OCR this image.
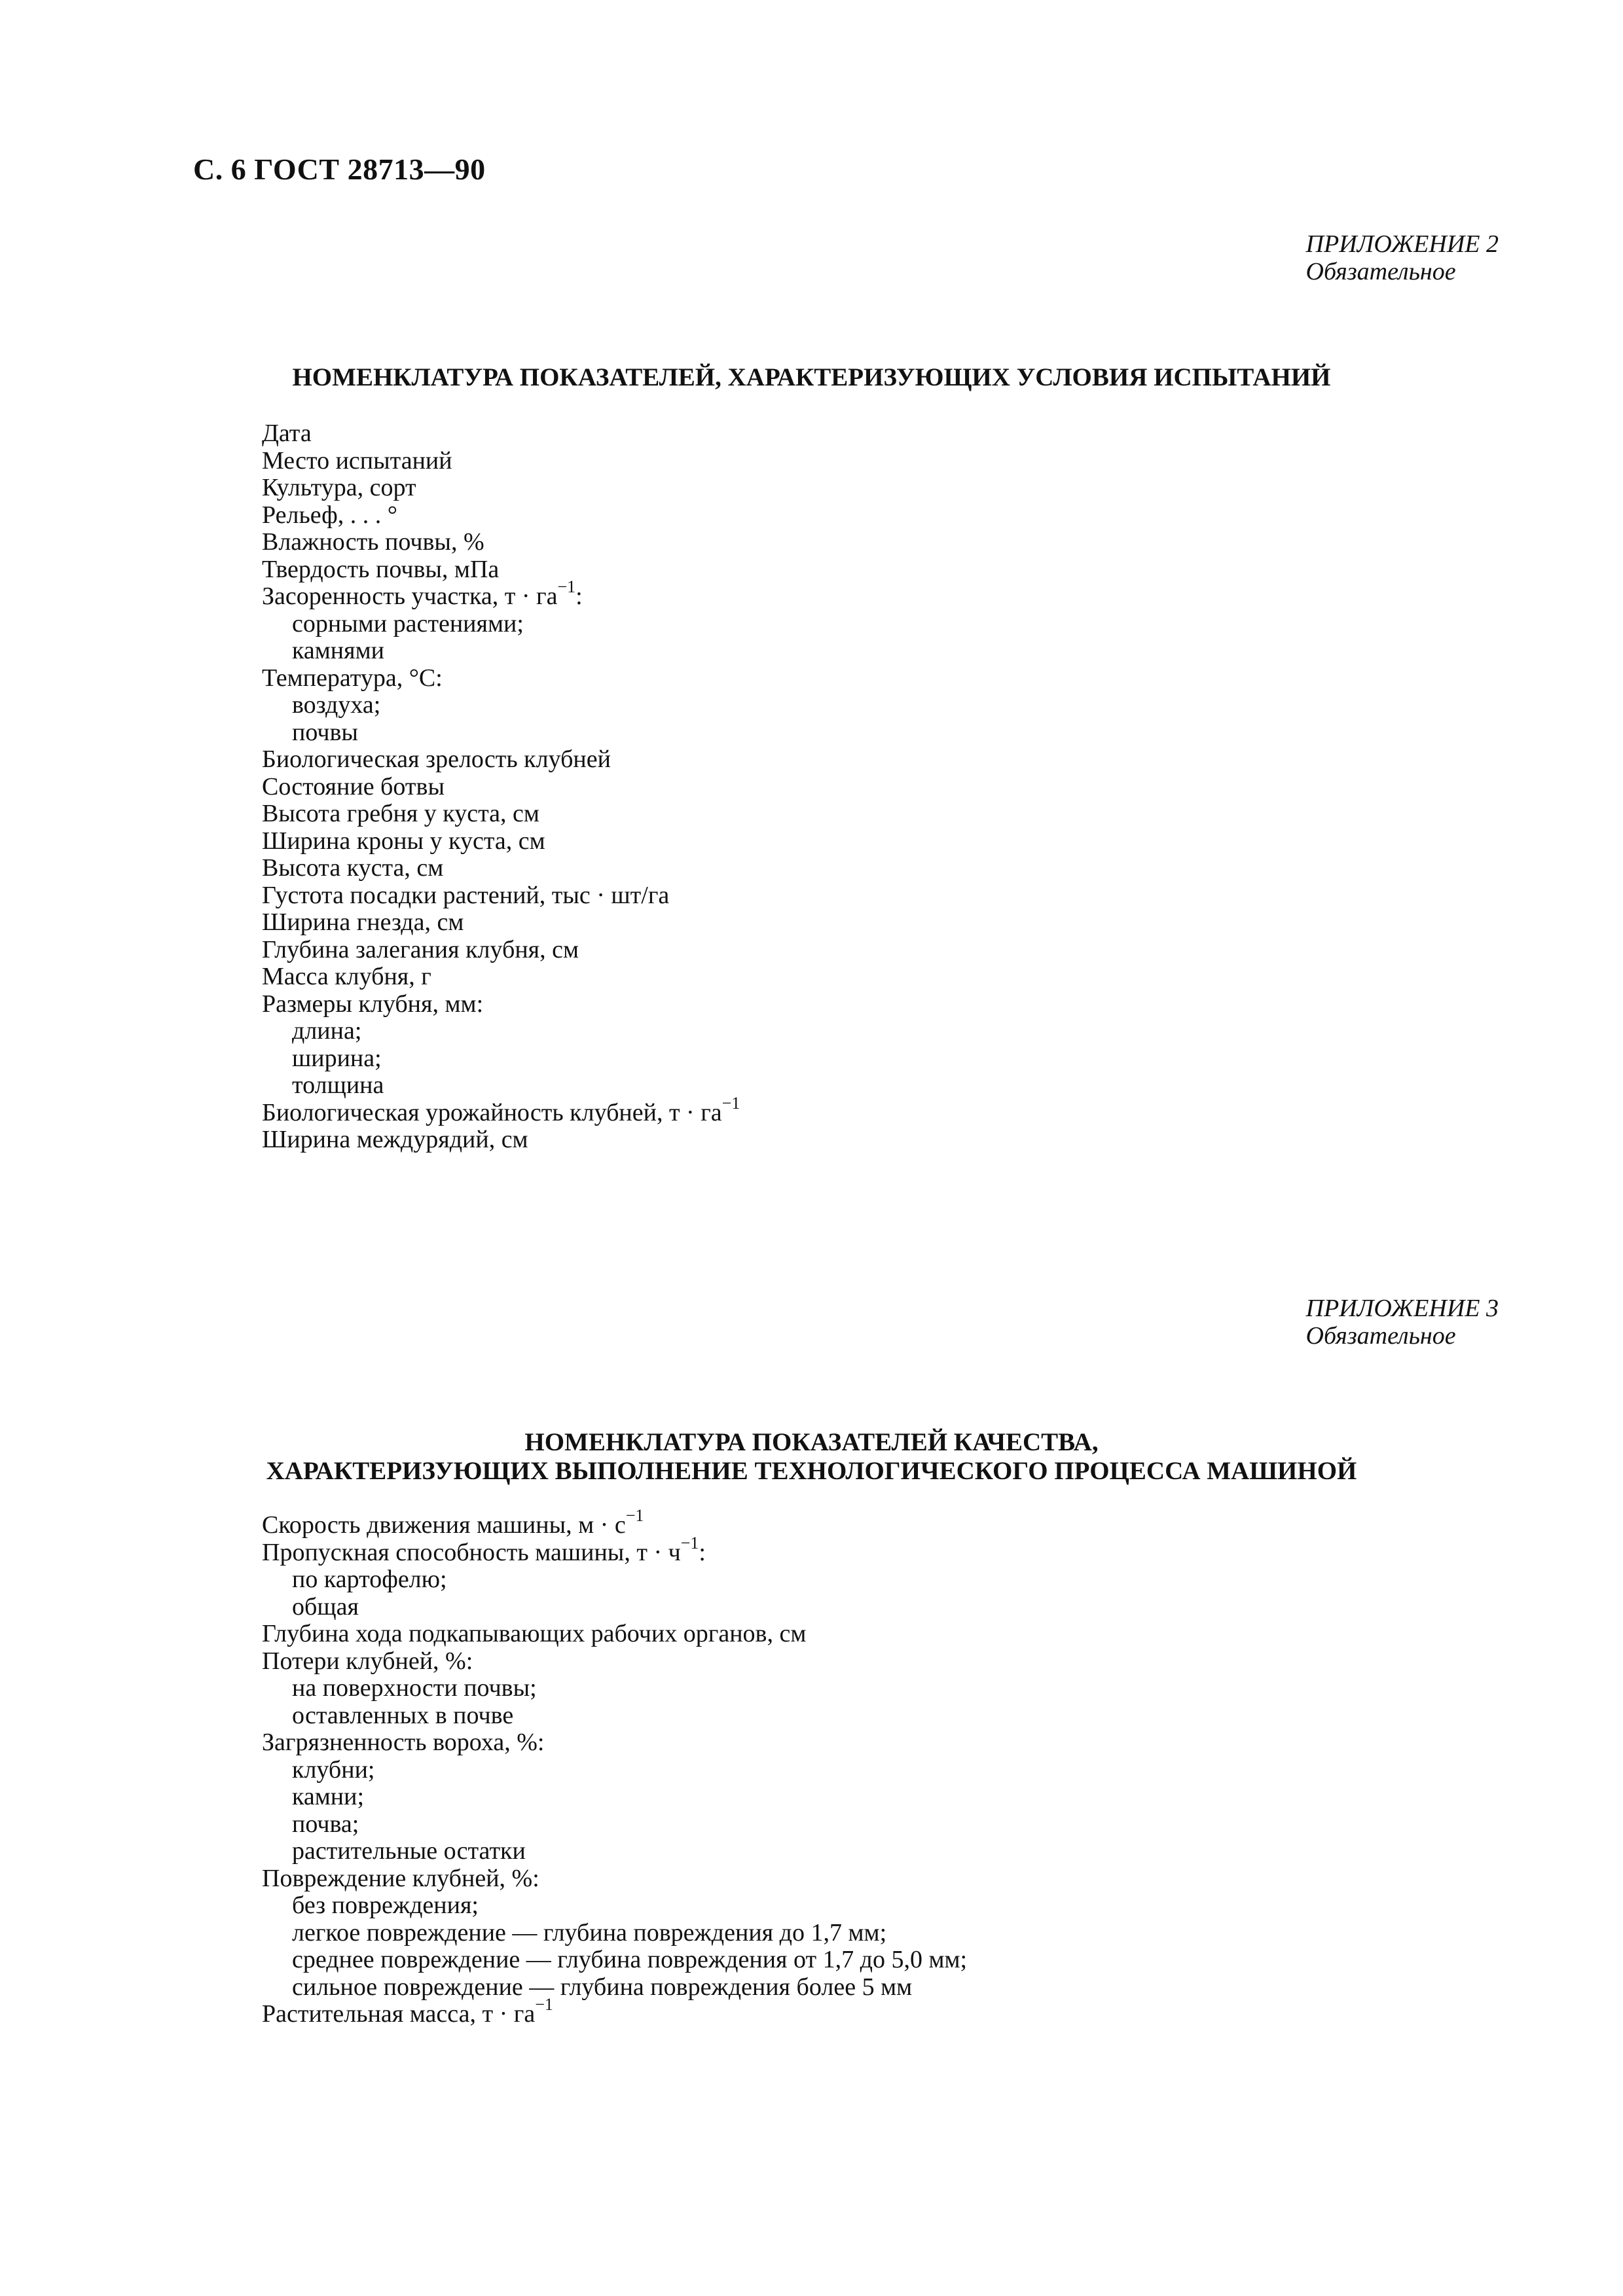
С. 6 ГОСТ 28713—90
ПРИЛОЖЕНИЕ 2
Обязательное
НОМЕНКЛАТУРА ПОКАЗАТЕЛЕЙ, ХАРАКТЕРИЗУЮЩИХ УСЛОВИЯ ИСПЫТАНИЙ
Дата
Место испытаний
Культура, сорт
Рельеф, . . . °
Влажность почвы, %
Твердость почвы, мПа
Засоренность участка, $т \cdot га^{-1}$:
сорными растениями;
камнями
Температура, °С:
воздуха;
почвы
Биологическая зрелость клубней
Состояние ботвы
Высота гребня у куста, см
Ширина кроны у куста, см
Высота куста, см
Густота посадки растений, тыс · шт/га
Ширина гнезда, см
Глубина залегания клубня, см
Масса клубня, г
Размеры клубня, мм:
длина;
ширина;
толщина
Биологическая урожайность клубней, $т \cdot га^{-1}$
Ширина междурядий, см
ПРИЛОЖЕНИЕ 3
Обязательное
НОМЕНКЛАТУРА ПОКАЗАТЕЛЕЙ КАЧЕСТВА,
ХАРАКТЕРИЗУЮЩИХ ВЫПОЛНЕНИЕ ТЕХНОЛОГИЧЕСКОГО ПРОЦЕССА МАШИНОЙ
Скорость движения машины, $м \cdot с^{-1}$
Пропускная способность машины, $т \cdot ч^{-1}$:
по картофелю;
общая
Глубина хода подкапывающих рабочих органов, см
Потери клубней, %:
на поверхности почвы;
оставленных в почве
Загрязненность вороха, %:
клубни;
камни;
почва;
растительные остатки
Повреждение клубней, %:
без повреждения;
легкое повреждение — глубина повреждения до 1,7 мм;
среднее повреждение — глубина повреждения от 1,7 до 5,0 мм;
сильное повреждение — глубина повреждения более 5 мм
Растительная масса, $т \cdot га^{-1}$
